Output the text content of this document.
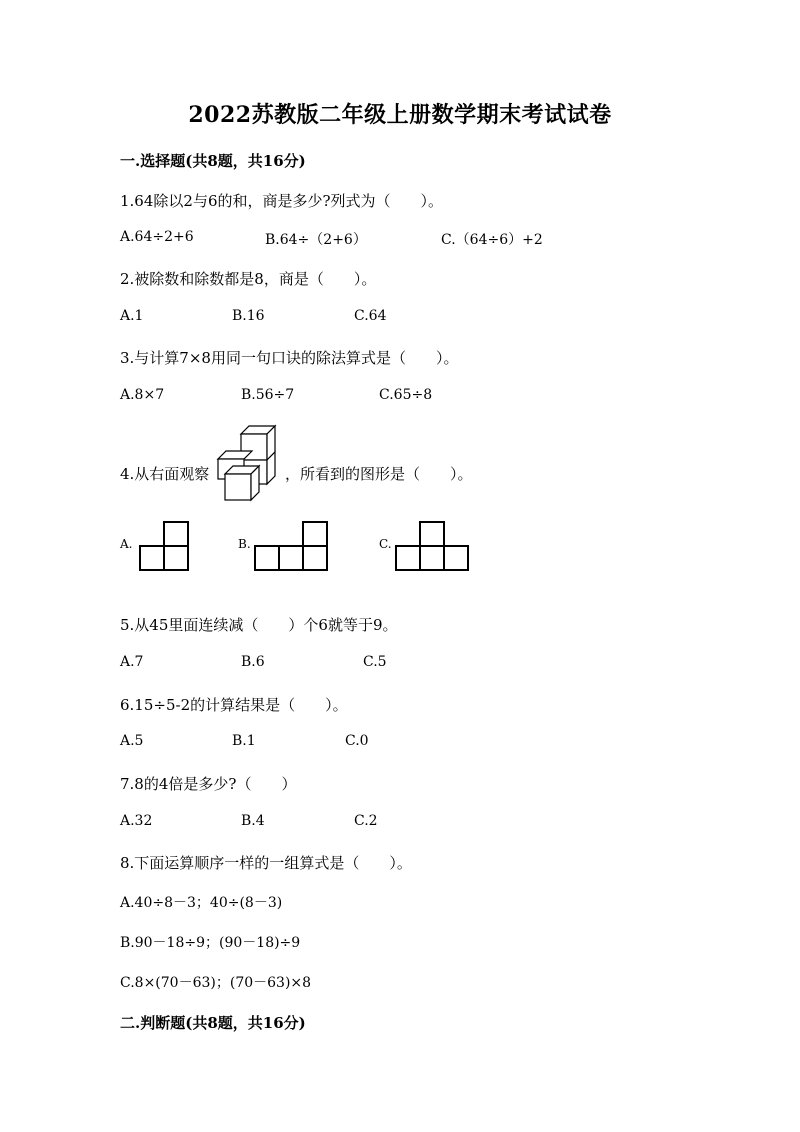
2022苏教版二年级上册数学期末考试试卷
一.选择题(共8题，共16分)
1.64除以2与6的和，商是多少?列式为（　　）。
A.64÷2+6	B.64÷（2+6）	C.（64÷6）+2
2.被除数和除数都是8，商是（　　）。
A.1	B.16	C.64
3.与计算7×8用同一句口诀的除法算式是（　　）。
A.8×7	B.56÷7	C.65÷8
4.从右面观察	，所看到的图形是（　　）。
A.	B.	C.
5.从45里面连续减（　　）个6就等于9。
A.7	B.6	C.5
6.15÷5-2的计算结果是（　　）。
A.5	B.1	C.0
7.8的4倍是多少?（　　）
A.32	B.4	C.2
8.下面运算顺序一样的一组算式是（　　）。
A.40÷8－3；40÷(8－3)
B.90－18÷9；(90－18)÷9
C.8×(70－63)；(70－63)×8
二.判断题(共8题，共16分)
